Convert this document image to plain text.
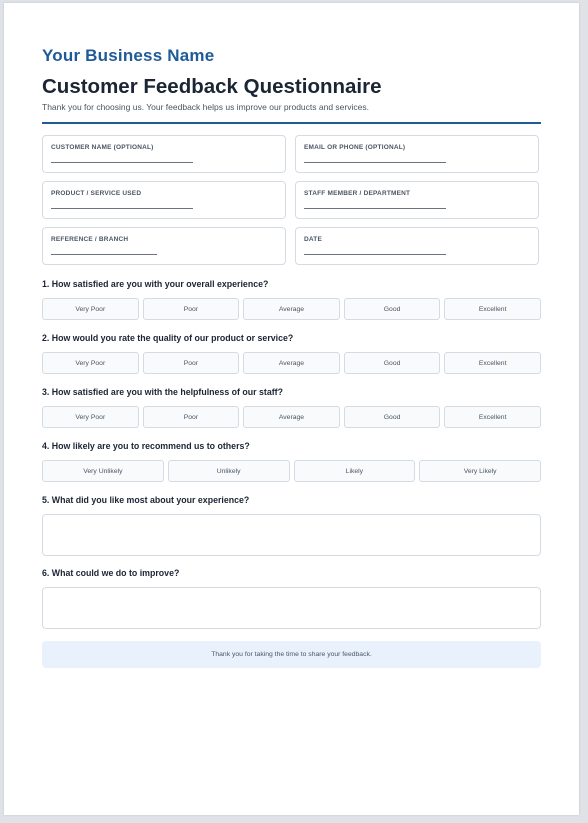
Your Business Name
Customer Feedback Questionnaire
Thank you for choosing us. Your feedback helps us improve our products and services.
CUSTOMER NAME (OPTIONAL)	EMAIL OR PHONE (OPTIONAL)
PRODUCT / SERVICE USED	STAFF MEMBER / DEPARTMENT
REFERENCE / BRANCH	DATE
1. How satisfied are you with your overall experience?
Very Poor	Poor	Average	Good	Excellent
2. How would you rate the quality of our product or service?
Very Poor	Poor	Average	Good	Excellent
3. How satisfied are you with the helpfulness of our staff?
Very Poor	Poor	Average	Good	Excellent
4. How likely are you to recommend us to others?
Very Unlikely	Unlikely	Likely	Very Likely
5. What did you like most about your experience?
6. What could we do to improve?
Thank you for taking the time to share your feedback.
